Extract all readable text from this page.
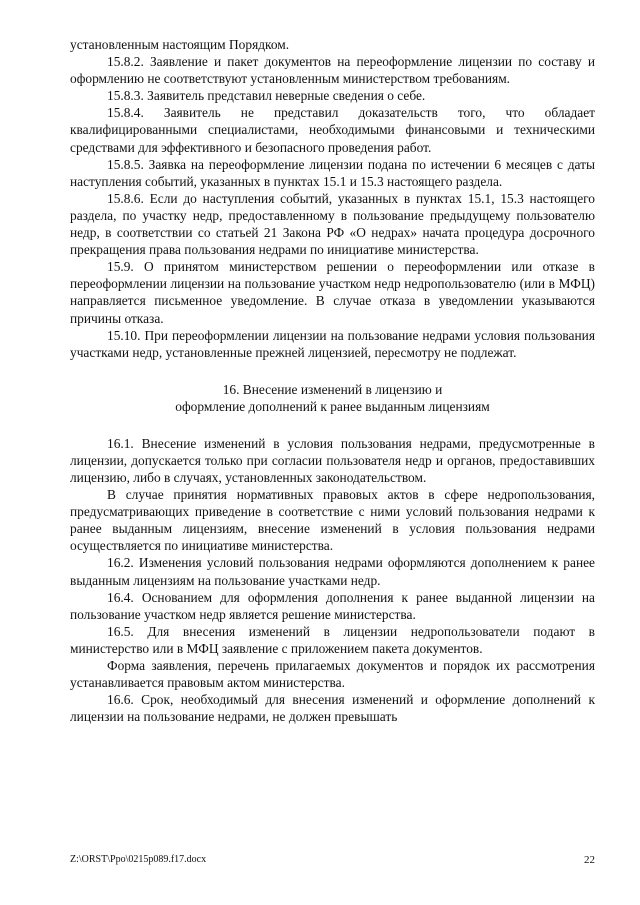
установленным настоящим Порядком.

15.8.2. Заявление и пакет документов на переоформление лицензии по составу и оформлению не соответствуют установленным министерством требованиям.

15.8.3. Заявитель представил неверные сведения о себе.

15.8.4. Заявитель не представил доказательств того, что обладает квалифицированными специалистами, необходимыми финансовыми и техническими средствами для эффективного и безопасного проведения работ.

15.8.5. Заявка на переоформление лицензии подана по истечении 6 месяцев с даты наступления событий, указанных в пунктах 15.1 и 15.3 настоящего раздела.

15.8.6. Если до наступления событий, указанных в пунктах 15.1, 15.3 настоящего раздела, по участку недр, предоставленному в пользование предыдущему пользователю недр, в соответствии со статьей 21 Закона РФ «О недрах» начата процедура досрочного прекращения права пользования недрами по инициативе министерства.

15.9. О принятом министерством решении о переоформлении или отказе в переоформлении лицензии на пользование участком недр недропользователю (или в МФЦ) направляется письменное уведомление. В случае отказа в уведомлении указываются причины отказа.

15.10. При переоформлении лицензии на пользование недрами условия пользования участками недр, установленные прежней лицензией, пересмотру не подлежат.

16. Внесение изменений в лицензию и
оформление дополнений к ранее выданным лицензиям

16.1. Внесение изменений в условия пользования недрами, предусмотренные в лицензии, допускается только при согласии пользователя недр и органов, предоставивших лицензию, либо в случаях, установленных законодательством.

В случае принятия нормативных правовых актов в сфере недропользования, предусматривающих приведение в соответствие с ними условий пользования недрами к ранее выданным лицензиям, внесение изменений в условия пользования недрами осуществляется по инициативе министерства.

16.2. Изменения условий пользования недрами оформляются дополнением к ранее выданным лицензиям на пользование участками недр.

16.4. Основанием для оформления дополнения к ранее выданной лицензии на пользование участком недр является решение министерства.

16.5. Для внесения изменений в лицензии недропользователи подают в министерство или в МФЦ заявление с приложением пакета документов.

Форма заявления, перечень прилагаемых документов и порядок их рассмотрения устанавливается правовым актом министерства.

16.6. Срок, необходимый для внесения изменений и оформление дополнений к лицензии на пользование недрами, не должен превышать

Z:\ORST\Ppo\0215p089.f17.docx	22
